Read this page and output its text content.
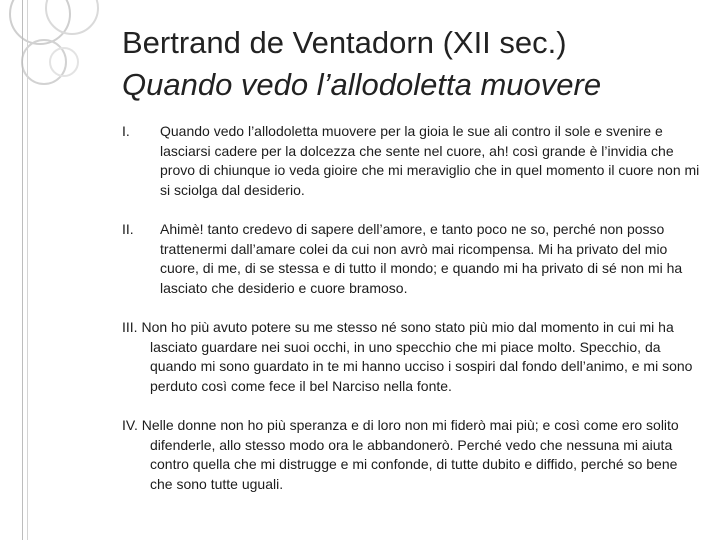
Bertrand de Ventadorn (XII sec.)
Quando vedo l’allodoletta muovere

I. Quando vedo l’allodoletta muovere per la gioia le sue ali contro il sole e svenire e lasciarsi cadere per la dolcezza che sente nel cuore, ah! così grande è l’invidia che provo di chiunque io veda gioire che mi meraviglio che in quel momento il cuore non mi si sciolga dal desiderio.

II. Ahimè! tanto credevo di sapere dell’amore, e tanto poco ne so, perché non posso trattenermi dall’amare colei da cui non avrò mai ricompensa. Mi ha privato del mio cuore, di me, di se stessa e di tutto il mondo; e quando mi ha privato di sé non mi ha lasciato che desiderio e cuore bramoso.

III. Non ho più avuto potere su me stesso né sono stato più mio dal momento in cui mi ha lasciato guardare nei suoi occhi, in uno specchio che mi piace molto. Specchio, da quando mi sono guardato in te mi hanno ucciso i sospiri dal fondo dell’animo, e mi sono perduto così come fece il bel Narciso nella fonte.

IV. Nelle donne non ho più speranza e di loro non mi fiderò mai più; e così come ero solito difenderle, allo stesso modo ora le abbandonerò. Perché vedo che nessuna mi aiuta contro quella che mi distrugge e mi confonde, di tutte dubito e diffido, perché so bene che sono tutte uguali.
